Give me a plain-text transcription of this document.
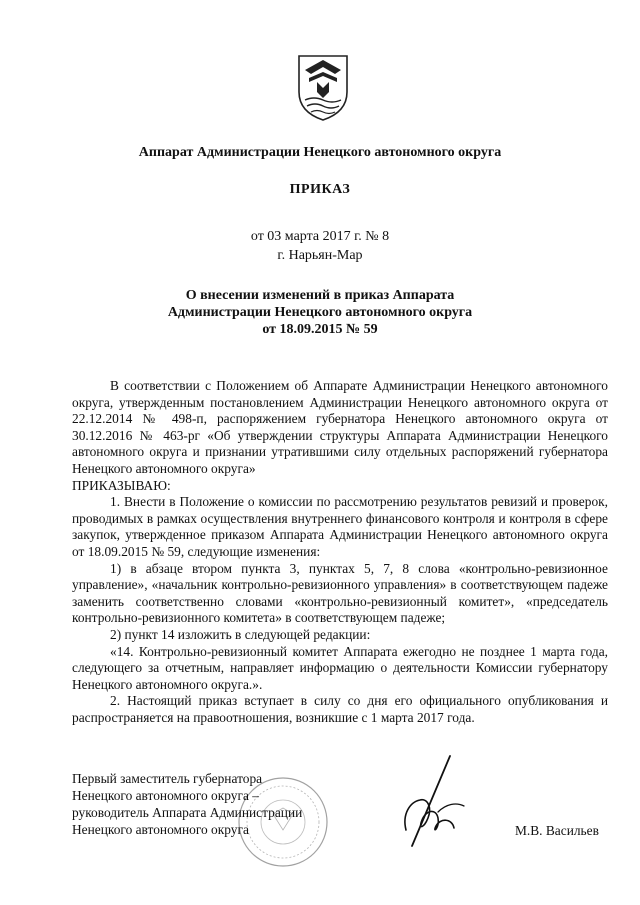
Аппарат Администрации Ненецкого автономного округа
ПРИКАЗ
от 03 марта 2017 г. № 8
г. Нарьян-Мар
О внесении изменений в приказ Аппарата
Администрации Ненецкого автономного округа
от 18.09.2015 № 59

В соответствии с Положением об Аппарате Администрации Ненецкого автономного округа, утвержденным постановлением Администрации Ненецкого автономного округа от 22.12.2014 № 498-п, распоряжением губернатора Ненецкого автономного округа от 30.12.2016 № 463-рг «Об утверждении структуры Аппарата Администрации Ненецкого автономного округа и признании утратившими силу отдельных распоряжений губернатора Ненецкого автономного округа»

ПРИКАЗЫВАЮ:

1. Внести в Положение о комиссии по рассмотрению результатов ревизий и проверок, проводимых в рамках осуществления внутреннего финансового контроля и контроля в сфере закупок, утвержденное приказом Аппарата Администрации Ненецкого автономного округа от 18.09.2015 № 59, следующие изменения:

1) в абзаце втором пункта 3, пунктах 5, 7, 8 слова «контрольно-ревизионное управление», «начальник контрольно-ревизионного управления» в соответствующем падеже заменить соответственно словами «контрольно-ревизионный комитет», «председатель контрольно-ревизионного комитета» в соответствующем падеже;

2) пункт 14 изложить в следующей редакции:

«14. Контрольно-ревизионный комитет Аппарата ежегодно не позднее 1 марта года, следующего за отчетным, направляет информацию о деятельности Комиссии губернатору Ненецкого автономного округа.».

2. Настоящий приказ вступает в силу со дня его официального опубликования и распространяется на правоотношения, возникшие с 1 марта 2017 года.

Первый заместитель губернатора
Ненецкого автономного округа –
руководитель Аппарата Администрации
Ненецкого автономного округа	М.В. Васильев
